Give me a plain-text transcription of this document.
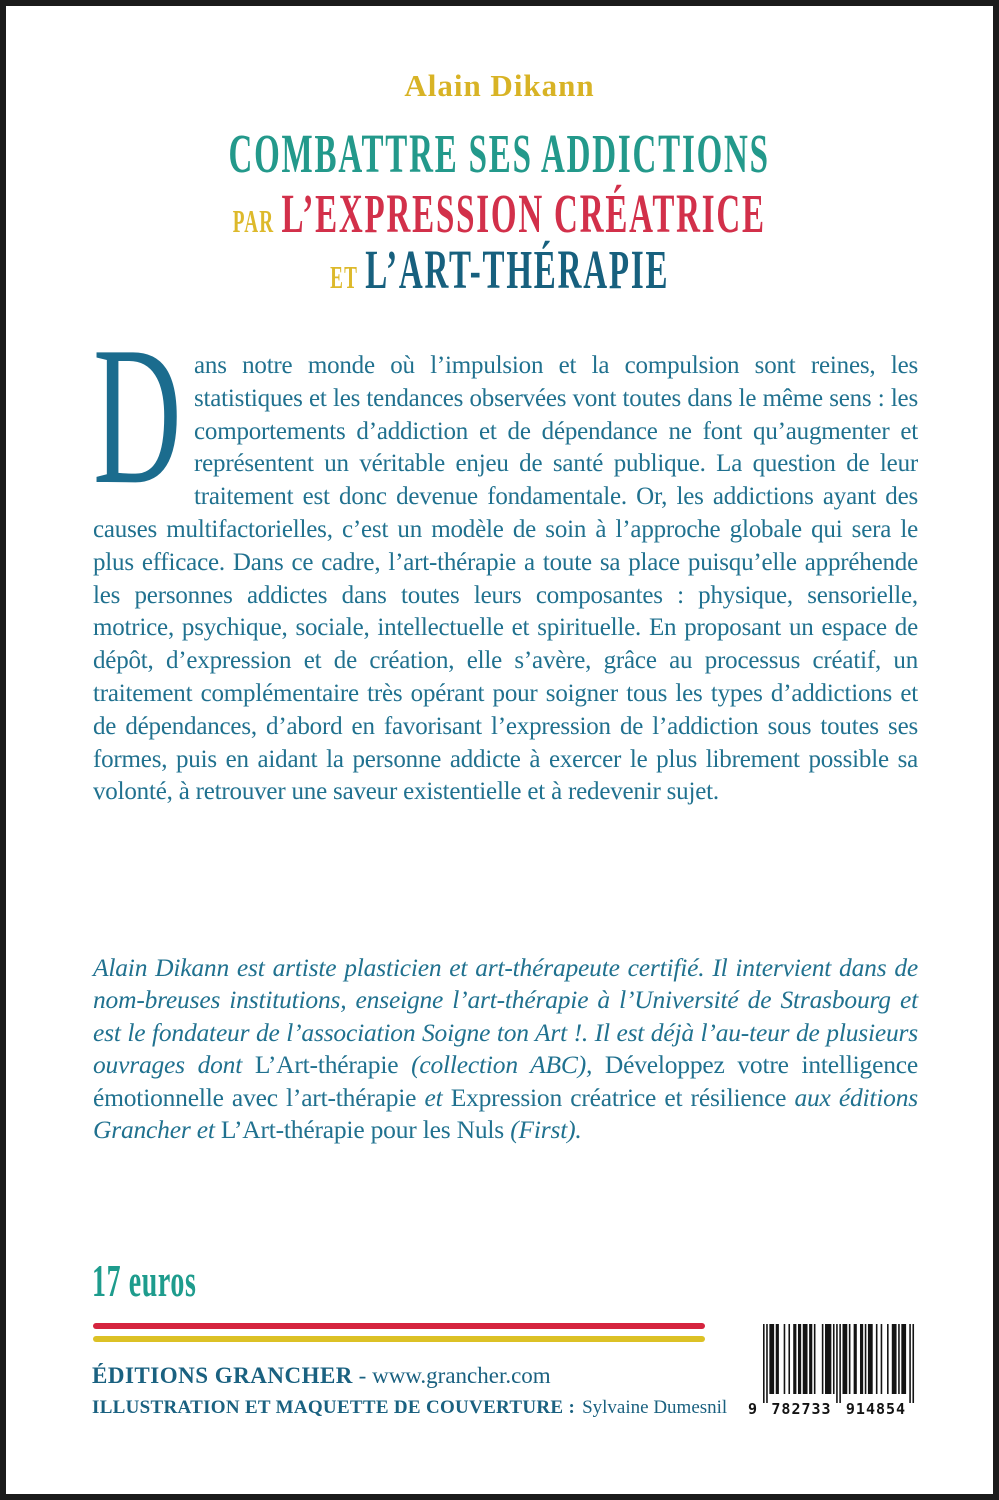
Alain Dikann
COMBATTRE SES ADDICTIONS
PAR L’EXPRESSION CRÉATRICE
ET L’ART-THÉRAPIE
Dans notre monde où l’impulsion et la compulsion sont reines, les statistiques et les tendances observées vont toutes dans le même sens : les comportements d’addiction et de dépendance ne font qu’augmenter et représentent un véritable enjeu de santé publique. La question de leur traitement est donc devenue fondamentale. Or, les addictions ayant des causes multifactorielles, c’est un modèle de soin à l’approche globale qui sera le plus efficace. Dans ce cadre, l’art-thérapie a toute sa place puisqu’elle appréhende les personnes addictes dans toutes leurs composantes : physique, sensorielle, motrice, psychique, sociale, intellectuelle et spirituelle. En proposant un espace de dépôt, d’expression et de création, elle s’avère, grâce au processus créatif, un traitement complémentaire très opérant pour soigner tous les types d’addictions et de dépendances, d’abord en favorisant l’expression de l’addiction sous toutes ses formes, puis en aidant la personne addicte à exercer le plus librement possible sa volonté, à retrouver une saveur existentielle et à redevenir sujet.
Alain Dikann est artiste plasticien et art-thérapeute certifié. Il intervient dans de nom-breuses institutions, enseigne l’art-thérapie à l’Université de Strasbourg et est le fondateur de l’association Soigne ton Art !. Il est déjà l’au-teur de plusieurs ouvrages dont L’Art-thérapie (collection ABC), Développez votre intelligence émotionnelle avec l’art-thérapie et Expression créatrice et résilience aux éditions Grancher et L’Art-thérapie pour les Nuls (First).
17 euros
ÉDITIONS GRANCHER - www.grancher.com
ILLUSTRATION ET MAQUETTE DE COUVERTURE : Sylvaine Dumesnil 9 782733 914854
